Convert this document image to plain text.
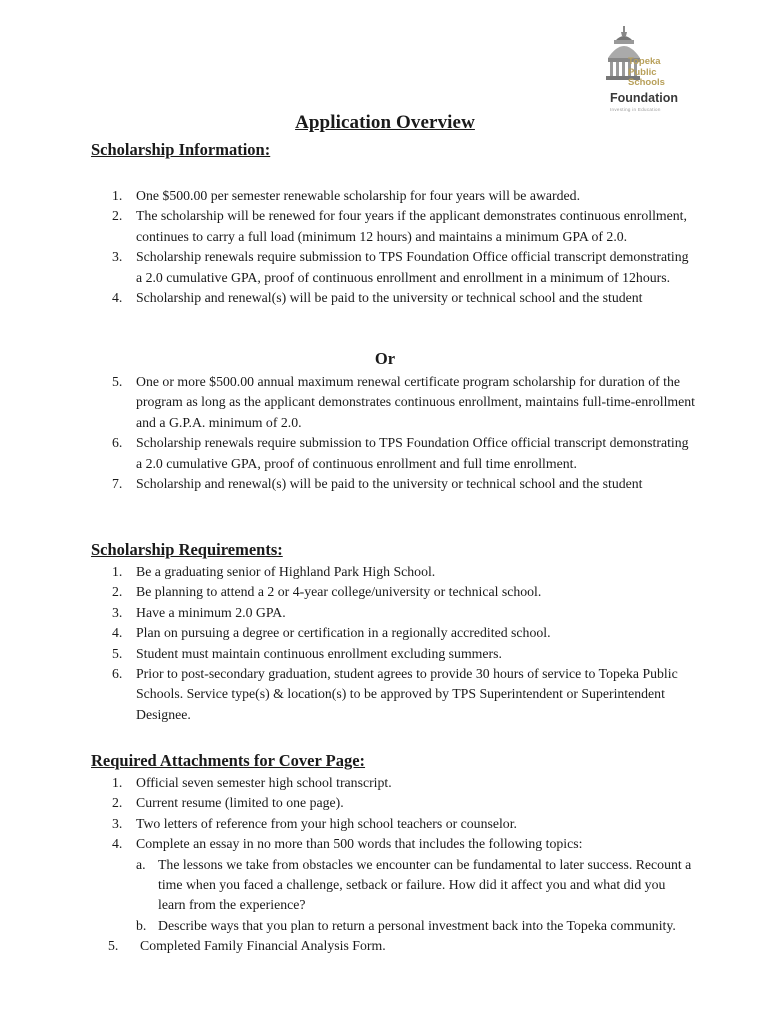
Topeka
Public
Schools
Foundation
Investing in Education
Application Overview
Scholarship Information:
1. One $500.00 per semester renewable scholarship for four years will be awarded.
2. The scholarship will be renewed for four years if the applicant demonstrates continuous enrollment, continues to carry a full load (minimum 12 hours) and maintains a minimum GPA of 2.0.
3. Scholarship renewals require submission to TPS Foundation Office official transcript demonstrating a 2.0 cumulative GPA, proof of continuous enrollment and enrollment in a minimum of 12hours.
4. Scholarship and renewal(s) will be paid to the university or technical school and the student
Or
5. One or more $500.00 annual maximum renewal certificate program scholarship for duration of the program as long as the applicant demonstrates continuous enrollment, maintains full-time-enrollment and a G.P.A. minimum of 2.0.
6. Scholarship renewals require submission to TPS Foundation Office official transcript demonstrating a 2.0 cumulative GPA, proof of continuous enrollment and full time enrollment.
7. Scholarship and renewal(s) will be paid to the university or technical school and the student
Scholarship Requirements:
1. Be a graduating senior of Highland Park High School.
2. Be planning to attend a 2 or 4-year college/university or technical school.
3. Have a minimum 2.0 GPA.
4. Plan on pursuing a degree or certification in a regionally accredited school.
5. Student must maintain continuous enrollment excluding summers.
6. Prior to post-secondary graduation, student agrees to provide 30 hours of service to Topeka Public Schools. Service type(s) & location(s) to be approved by TPS Superintendent or Superintendent Designee.
Required Attachments for Cover Page:
1. Official seven semester high school transcript.
2. Current resume (limited to one page).
3. Two letters of reference from your high school teachers or counselor.
4. Complete an essay in no more than 500 words that includes the following topics:
a. The lessons we take from obstacles we encounter can be fundamental to later success. Recount a time when you faced a challenge, setback or failure. How did it affect you and what did you learn from the experience?
b. Describe ways that you plan to return a personal investment back into the Topeka community.
5. Completed Family Financial Analysis Form.
